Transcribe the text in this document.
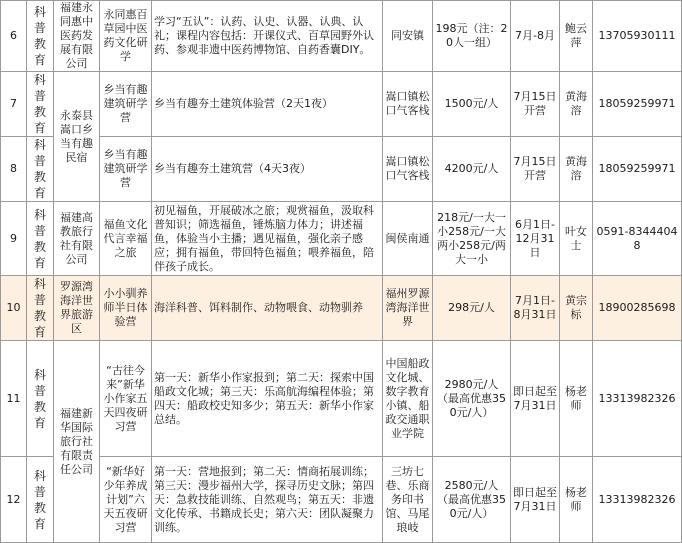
6	科普教育	福建永同惠中医药发展有限公司	永同惠百草园中医药文化研学	学习“五认”：认药、认史、认器、认典、认礼；课程内容包括：开课仪式、百草园野外认药、参观非遗中医药博物馆、自药香囊DIY。	同安镇	198元（注：20人一组）	7月-8月	鲍云萍	13705930111
7	科普教育	永泰县嵩口乡当有趣民宿	乡当有趣建筑研学营	乡当有趣夯土建筑体验营（2天1夜）	嵩口镇松口气客栈	1500元/人	7月15日开营	黄海溶	18059259971
8	科普教育		乡当有趣建筑研学营	乡当有趣夯土建筑营（4天3夜）	嵩口镇松口气客栈	4200元/人	7月15日开营	黄海溶	18059259971
9	科普教育	福建高教旅行社有限公司	福鱼文化代言幸福之旅	初见福鱼，开展破冰之旅；观赏福鱼，汲取科普知识；筛选福鱼，锤炼脑力体力；讲述福鱼，体验当小主播；遇见福鱼，强化亲子感应；拥有福鱼，带回特色福鱼；喂养福鱼，陪伴孩子成长。	闽侯南通	218元/一大一小258元/一大两小258元/两大一小	6月1日-12月31日	叶女士	0591-83444048
10	科普教育	罗源湾海洋世界旅游区	小小驯养师半日体验营	海洋科普、饵料制作、动物喂食、动物驯养	福州罗源湾海洋世界	298元/人	7月1日-8月31日	黄宗标	18900285698
11	科普教育	福建新华国际旅行社有限责任公司	“古往今来”新华小作家五天四夜研习营	第一天：新华小作家报到；第二天：探索中国船政文化城；第三天：乐高航海编程体验；第四天：船政校史知多少；第五天：新华小作家总结。	中国船政文化城、数字教育小镇、船政交通职业学院	2980元/人（最高优惠350元/人）	即日起至7月31日	杨老师	13313982326
12	科普教育		“新华好少年养成计划”六天五夜研习营	第一天：营地报到；第二天：情商拓展训练；第三天：漫步福州大学，探寻历史文脉；第四天：急救技能训练、自然观鸟；第五天：非遗文化传承、书籍成长史；第六天：团队凝聚力训练。	三坊七巷、乐商务印书馆、马尾琅岐	2580元/人（最高优惠350元/人）	即日起至7月31日	杨老师	13313982326
